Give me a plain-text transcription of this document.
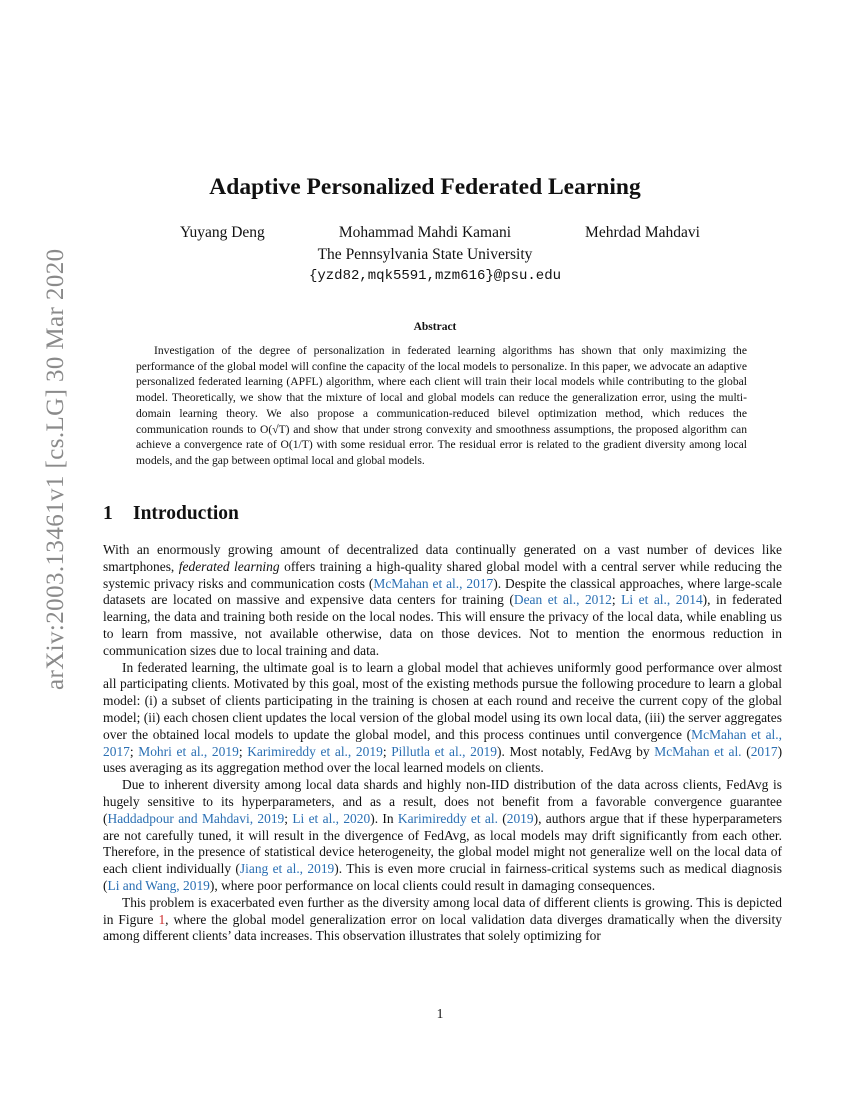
arXiv:2003.13461v1 [cs.LG] 30 Mar 2020
Adaptive Personalized Federated Learning
Yuyang Deng	Mohammad Mahdi Kamani	Mehrdad Mahdavi
The Pennsylvania State University
{yzd82,mqk5591,mzm616}@psu.edu
Abstract

Investigation of the degree of personalization in federated learning algorithms has shown that only maximizing the performance of the global model will confine the capacity of the local models to personalize. In this paper, we advocate an adaptive personalized federated learning (APFL) algorithm, where each client will train their local models while contributing to the global model. Theoretically, we show that the mixture of local and global models can reduce the generalization error, using the multi-domain learning theory. We also propose a communication-reduced bilevel optimization method, which reduces the communication rounds to O(√T) and show that under strong convexity and smoothness assumptions, the proposed algorithm can achieve a convergence rate of O(1/T) with some residual error. The residual error is related to the gradient diversity among local models, and the gap between optimal local and global models.

1 Introduction

With an enormously growing amount of decentralized data continually generated on a vast number of devices like smartphones, federated learning offers training a high-quality shared global model with a central server while reducing the systemic privacy risks and communication costs (McMahan et al., 2017). Despite the classical approaches, where large-scale datasets are located on massive and expensive data centers for training (Dean et al., 2012; Li et al., 2014), in federated learning, the data and training both reside on the local nodes. This will ensure the privacy of the local data, while enabling us to learn from massive, not available otherwise, data on those devices. Not to mention the enormous reduction in communication sizes due to local training and data.

In federated learning, the ultimate goal is to learn a global model that achieves uniformly good performance over almost all participating clients. Motivated by this goal, most of the existing methods pursue the following procedure to learn a global model: (i) a subset of clients participating in the training is chosen at each round and receive the current copy of the global model; (ii) each chosen client updates the local version of the global model using its own local data, (iii) the server aggregates over the obtained local models to update the global model, and this process continues until convergence (McMahan et al., 2017; Mohri et al., 2019; Karimireddy et al., 2019; Pillutla et al., 2019). Most notably, FedAvg by McMahan et al. (2017) uses averaging as its aggregation method over the local learned models on clients.

Due to inherent diversity among local data shards and highly non-IID distribution of the data across clients, FedAvg is hugely sensitive to its hyperparameters, and as a result, does not benefit from a favorable convergence guarantee (Haddadpour and Mahdavi, 2019; Li et al., 2020). In Karimireddy et al. (2019), authors argue that if these hyperparameters are not carefully tuned, it will result in the divergence of FedAvg, as local models may drift significantly from each other. Therefore, in the presence of statistical device heterogeneity, the global model might not generalize well on the local data of each client individually (Jiang et al., 2019). This is even more crucial in fairness-critical systems such as medical diagnosis (Li and Wang, 2019), where poor performance on local clients could result in damaging consequences.

This problem is exacerbated even further as the diversity among local data of different clients is growing. This is depicted in Figure 1, where the global model generalization error on local validation data diverges dramatically when the diversity among different clients’ data increases. This observation illustrates that solely optimizing for

1
